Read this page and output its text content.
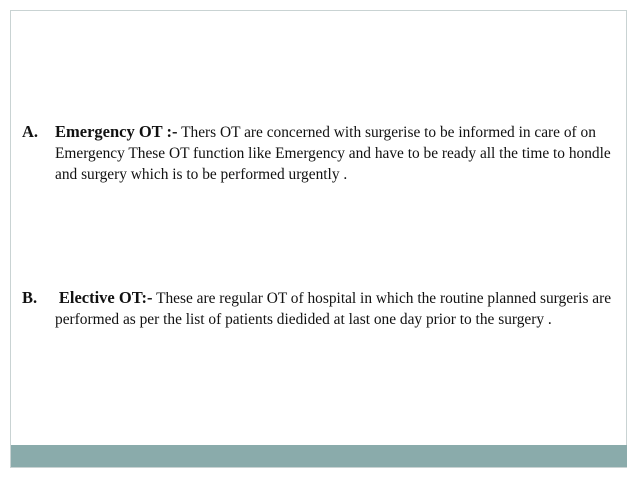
A. Emergency OT :- Thers OT are concerned with surgerise to be informed in care of on Emergency These OT function like Emergency and have to be ready all the time to hondle and surgery which is to be performed urgently .
B. Elective OT:- These are regular OT of hospital in which the routine planned surgeris are performed as per the list of patients diedided at last one day prior to the surgery .
